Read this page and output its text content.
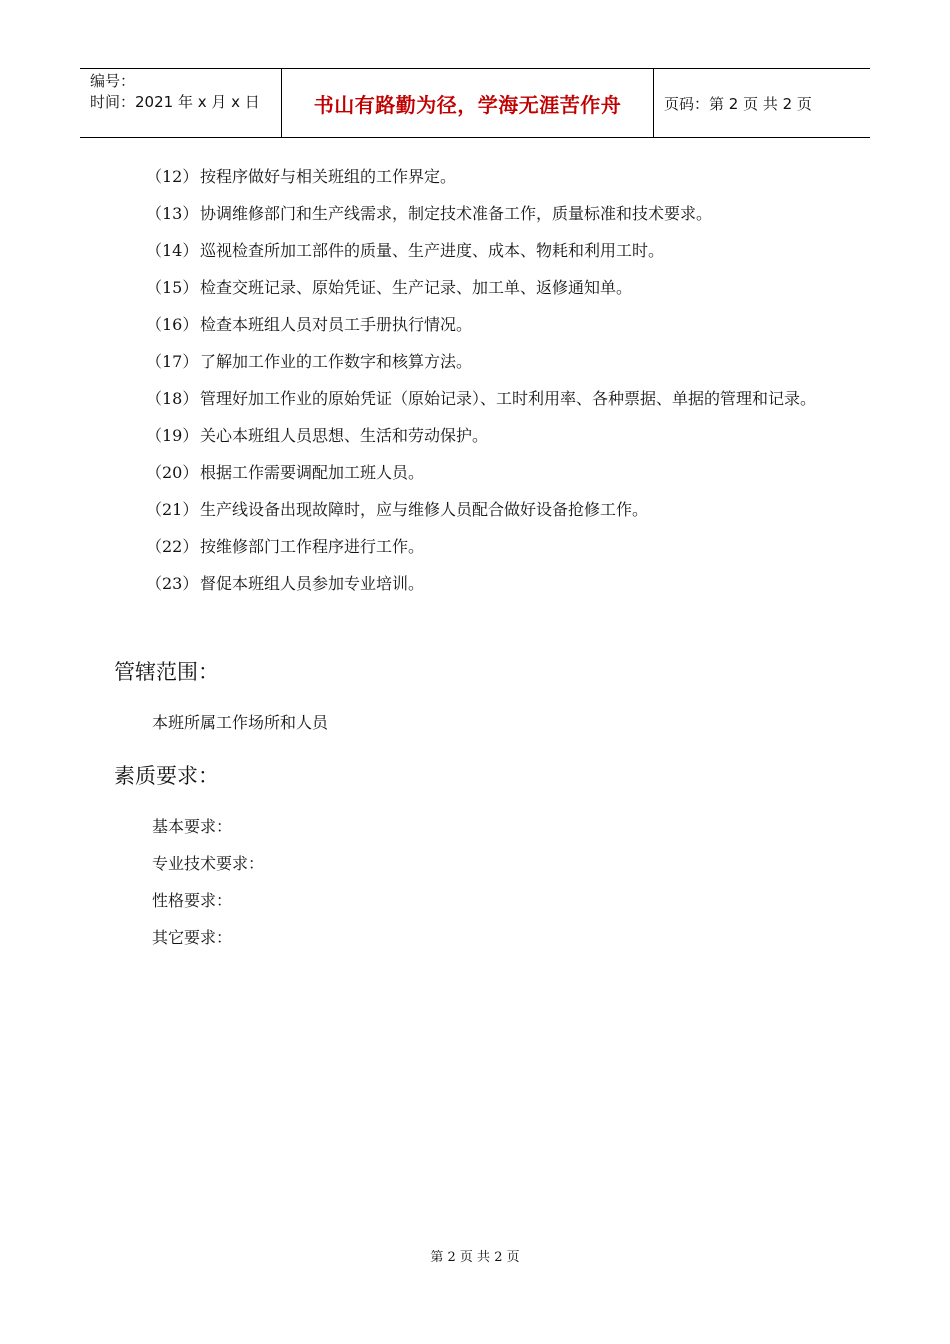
编号：
时间：2021 年 x 月 x 日	书山有路勤为径，学海无涯苦作舟	页码：第 2 页 共 2 页
（12） 按程序做好与相关班组的工作界定。
（13） 协调维修部门和生产线需求，制定技术准备工作，质量标准和技术要求。
（14） 巡视检查所加工部件的质量、生产进度、成本、物耗和利用工时。
（15） 检查交班记录、原始凭证、生产记录、加工单、返修通知单。
（16） 检查本班组人员对员工手册执行情况。
（17） 了解加工作业的工作数字和核算方法。
（18） 管理好加工作业的原始凭证（原始记录）、工时利用率、各种票据、单据的管理和记录。
（19） 关心本班组人员思想、生活和劳动保护。
（20） 根据工作需要调配加工班人员。
（21） 生产线设备出现故障时，应与维修人员配合做好设备抢修工作。
（22） 按维修部门工作程序进行工作。
（23） 督促本班组人员参加专业培训。
管辖范围：
本班所属工作场所和人员
素质要求：
基本要求：
专业技术要求：
性格要求：
其它要求：
第 2 页 共 2 页
